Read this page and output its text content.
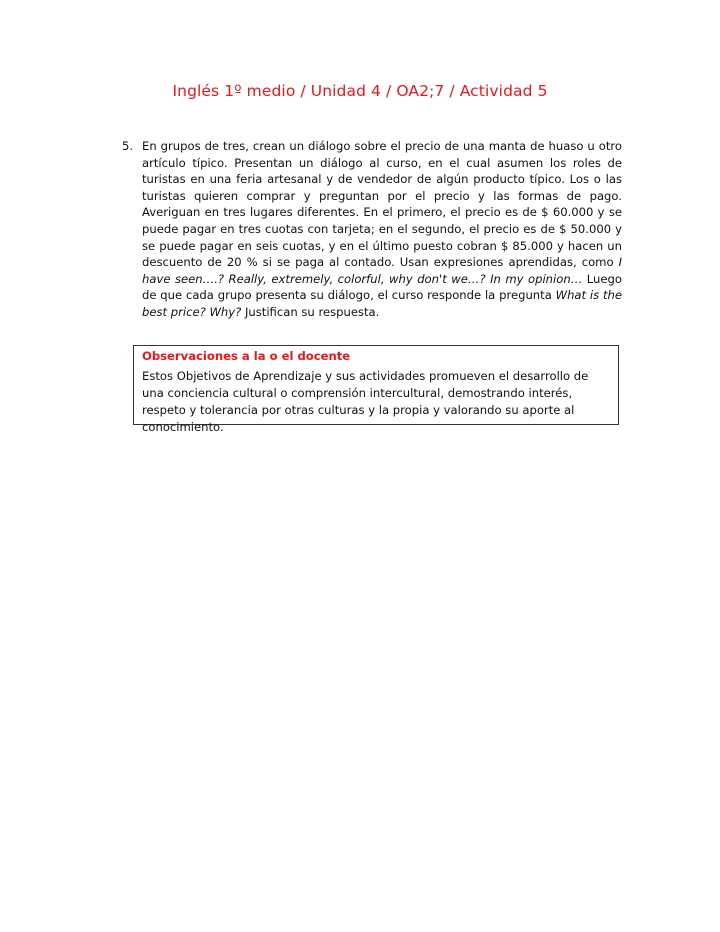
Inglés 1º medio / Unidad 4 / OA2;7 / Actividad 5
5. En grupos de tres, crean un diálogo sobre el precio de una manta de huaso u otro artículo típico. Presentan un diálogo al curso, en el cual asumen los roles de turistas en una feria artesanal y de vendedor de algún producto típico. Los o las turistas quieren comprar y preguntan por el precio y las formas de pago. Averiguan en tres lugares diferentes. En el primero, el precio es de $ 60.000 y se puede pagar en tres cuotas con tarjeta; en el segundo, el precio es de $ 50.000 y se puede pagar en seis cuotas, y en el último puesto cobran $ 85.000 y hacen un descuento de 20 % si se paga al contado. Usan expresiones aprendidas, como I have seen….? Really, extremely, colorful, why don't we…? In my opinion… Luego de que cada grupo presenta su diálogo, el curso responde la pregunta What is the best price? Why? Justifican su respuesta.
Observaciones a la o el docente
Estos Objetivos de Aprendizaje y sus actividades promueven el desarrollo de una conciencia cultural o comprensión intercultural, demostrando interés, respeto y tolerancia por otras culturas y la propia y valorando su aporte al conocimiento.
